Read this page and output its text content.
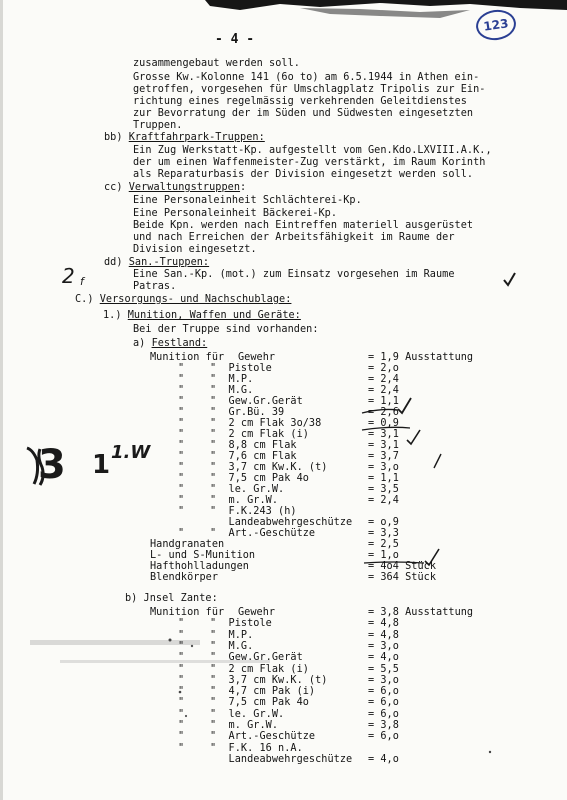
123
- 4 -
zusammengebaut werden soll.
Grosse Kw.-Kolonne 141 (6o to) am 6.5.1944 in Athen ein-
getroffen, vorgesehen für Umschlagplatz Tripolis zur Ein-
richtung eines regelmässig verkehrenden Geleitdienstes
zur Bevorratung der im Süden und Südwesten eingesetzten
Truppen.
bb) Kraftfahrpark-Truppen:
Ein Zug Werkstatt-Kp. aufgestellt vom Gen.Kdo.LXVIII.A.K.,
der um einen Waffenmeister-Zug verstärkt, im Raum Korinth
als Reparaturbasis der Division eingesetzt werden soll.
cc) Verwaltungstruppen:
Eine Personaleinheit Schlächterei-Kp.
Eine Personaleinheit Bäckerei-Kp.
Beide Kpn. werden nach Eintreffen materiell ausgerüstet
und nach Erreichen der Arbeitsfähigkeit im Raume der
Division eingesetzt.
dd) San.-Truppen:
Eine San.-Kp. (mot.) zum Einsatz vorgesehen im Raume
Patras.
C.) Versorgungs- und Nachschublage:
1.) Munition, Waffen und Geräte:
Bei der Truppe sind vorhanden:
a) Festland:
Munition für Gewehr	= 1,9 Ausstattung
"	"  Pistole	= 2,o
"	"  M.P.	= 2,4
"	"  M.G.	= 2,4
"	"  Gew.Gr.Gerät	= 1,1
"	"  Gr.Bü. 39	= 2,6
"	"  2 cm Flak 3o/38	= 0,9
"	"  2 cm Flak (i)	= 3,1
"	"  8,8 cm Flak	= 3,1
"	"  7,6 cm Flak	= 3,7
"	"  3,7 cm Kw.K. (t)	= 3,o
"	"  7,5 cm Pak 4o	= 1,1
"	"  le. Gr.W.	= 3,5
"	"  m. Gr.W.	= 2,4
"	"  F.K.243 (h)
Landeabwehrgeschütze = o,9
"	"  Art.-Geschütze	= 3,3
Handgranaten	= 2,5
L- und S-Munition	= 1,o
Hafthohlladungen	= 4o4 Stück
Blendkörper	= 364 Stück
b) Jnsel Zante:
Munition für Gewehr	= 3,8 Ausstattung
"	"  Pistole	= 4,8
"	"  M.P.	= 4,8
"	"  M.G.	= 3,o
"	"  Gew.Gr.Gerät	= 4,o
"	"  2 cm Flak (i)	= 5,5
"	"  3,7 cm Kw.K. (t)	= 3,o
"	"  4,7 cm Pak (i)	= 6,o
"	"  7,5 cm Pak 4o	= 6,o
"	"  le. Gr.W.	= 6,o
"	"  m. Gr.W.	= 3,8
"	"  Art.-Geschütze	= 6,o
"	"  F.K. 16 n.A.
Landeabwehrgeschütze = 4,o
3 1 1.W
2 f
